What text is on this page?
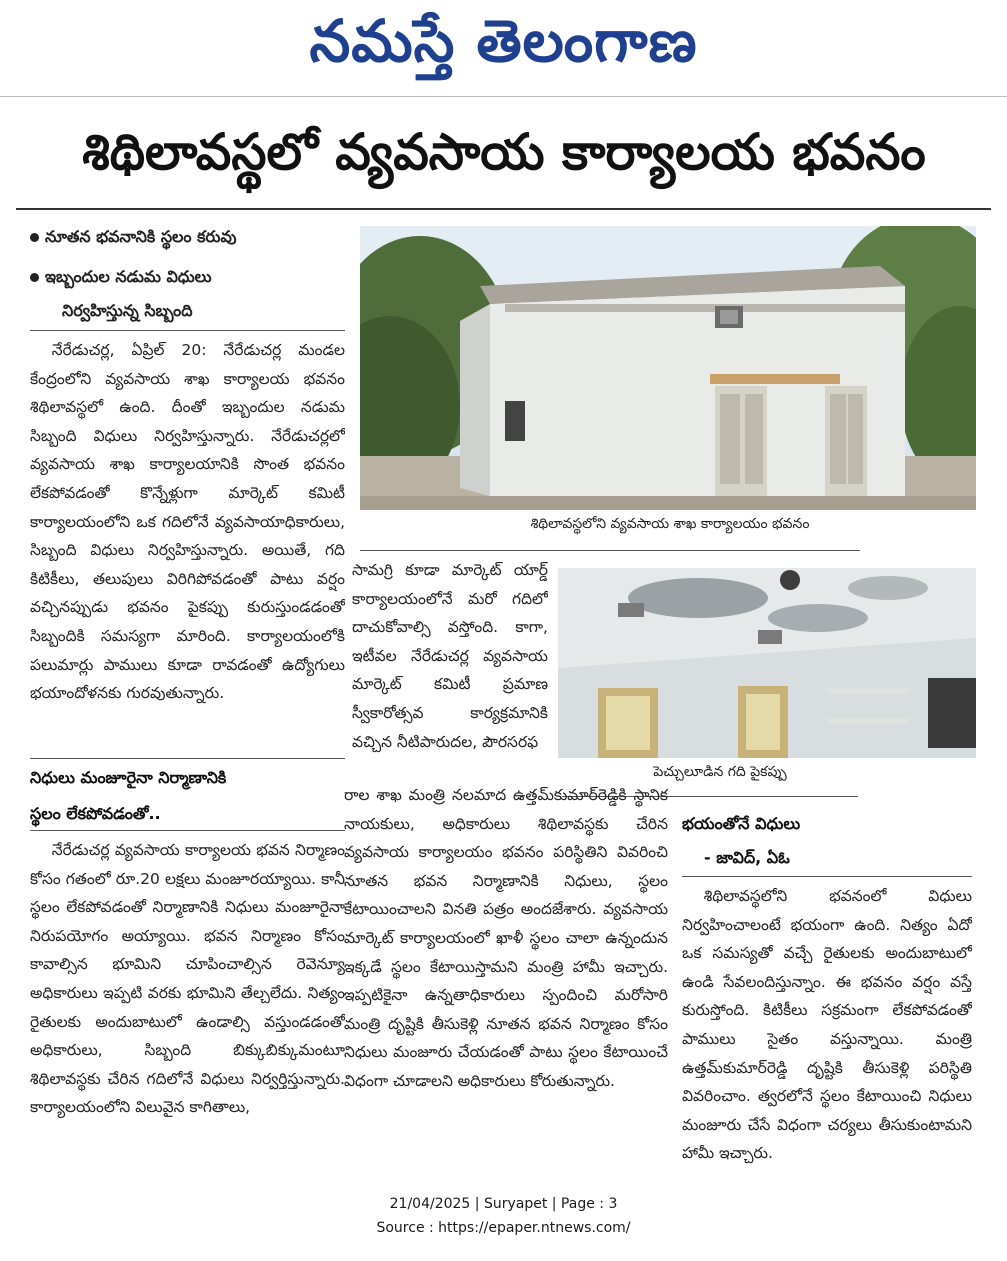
నమస్తే తెలంగాణ
శిథిలావస్థలో వ్యవసాయ కార్యాలయ భవనం
నూతన భవనానికి స్థలం కరువు
ఇబ్బందుల నడుమ విధులు
నిర్వహిస్తున్న సిబ్బంది

నేరేడుచర్ల, ఏప్రిల్ 20: నేరేడుచర్ల మండల కేంద్రంలోని వ్యవసాయ శాఖ కార్యాలయ భవనం శిథిలావస్థలో ఉంది. దీంతో ఇబ్బందుల నడుమ సిబ్బంది విధులు నిర్వహిస్తున్నారు. నేరేడుచర్లలో వ్యవసాయ శాఖ కార్యాలయానికి సొంత భవనం లేకపోవడంతో కొన్నేళ్లుగా మార్కెట్ కమిటీ కార్యాలయంలోని ఒక గదిలోనే వ్యవసాయాధికారులు, సిబ్బంది విధులు నిర్వహిస్తున్నారు. అయితే, గది కిటికీలు, తలుపులు విరిగిపోవడంతో పాటు వర్షం వచ్చినప్పుడు భవనం పైకప్పు కురుస్తుండడంతో సిబ్బందికి సమస్యగా మారింది. కార్యాలయంలోకి పలుమార్లు పాములు కూడా రావడంతో ఉద్యోగులు భయాందోళనకు గురవుతున్నారు.

నిధులు మంజూరైనా నిర్మాణానికి
స్థలం లేకపోవడంతో..

నేరేడుచర్ల వ్యవసాయ కార్యాలయ భవన నిర్మాణం కోసం గతంలో రూ.20 లక్షలు మంజూరయ్యాయి. కానీ స్థలం లేకపోవడంతో నిర్మాణానికి నిధులు మంజూరైనా నిరుపయోగం అయ్యాయి. భవన నిర్మాణం కోసం కావాల్సిన భూమిని చూపించాల్సిన రెవెన్యూ అధికారులు ఇప్పటి వరకు భూమిని తేల్చలేదు. నిత్యం రైతులకు అందుబాటులో ఉండాల్సి వస్తుండడంతో అధికారులు, సిబ్బంది బిక్కుబిక్కుమంటూ శిథిలావస్థకు చేరిన గదిలోనే విధులు నిర్వర్తిస్తున్నారు. కార్యాలయంలోని విలువైన కాగితాలు,

శిథిలావస్థలోని వ్యవసాయ శాఖ కార్యాలయం భవనం

సామగ్రి కూడా మార్కెట్ యార్డ్ కార్యాలయంలోనే మరో గదిలో దాచుకోవాల్సి వస్తోంది. కాగా, ఇటీవల నేరేడుచర్ల వ్యవసాయ మార్కెట్ కమిటీ ప్రమాణ స్వీకారోత్సవ కార్యక్రమానికి వచ్చిన నీటిపారుదల, పౌరసరఫ

పెచ్చులూడిన గది పైకప్పు

రాల శాఖ మంత్రి నలమాద ఉత్తమ్‌కుమార్‌రెడ్డికి స్థానిక నాయకులు, అధికారులు శిథిలావస్థకు చేరిన వ్యవసాయ కార్యాలయం భవనం పరిస్థితిని వివరించి నూతన భవన నిర్మాణానికి నిధులు, స్థలం కేటాయించాలని వినతి పత్రం అందజేశారు. వ్యవసాయ మార్కెట్ కార్యాలయంలో ఖాళీ స్థలం చాలా ఉన్నందున ఇక్కడే స్థలం కేటాయిస్తామని మంత్రి హామీ ఇచ్చారు. ఇప్పటికైనా ఉన్నతాధికారులు స్పందించి మరోసారి మంత్రి దృష్టికి తీసుకెళ్లి నూతన భవన నిర్మాణం కోసం నిధులు మంజూరు చేయడంతో పాటు స్థలం కేటాయించే విధంగా చూడాలని అధికారులు కోరుతున్నారు.

భయంతోనే విధులు
- జావిద్, ఏఓ

శిథిలావస్థలోని భవనంలో విధులు నిర్వహించాలంటే భయంగా ఉంది. నిత్యం ఏదో ఒక సమస్యతో వచ్చే రైతులకు అందుబాటులో ఉండి సేవలందిస్తున్నాం. ఈ భవనం వర్షం వస్తే కురుస్తోంది. కిటికీలు సక్రమంగా లేకపోవడంతో పాములు సైతం వస్తున్నాయి. మంత్రి ఉత్తమ్‌కుమార్‌రెడ్డి దృష్టికి తీసుకెళ్లి పరిస్థితి వివరించాం. త్వరలోనే స్థలం కేటాయించి నిధులు మంజూరు చేసే విధంగా చర్యలు తీసుకుంటామని హామీ ఇచ్చారు.

21/04/2025 | Suryapet | Page : 3
Source : https://epaper.ntnews.com/
